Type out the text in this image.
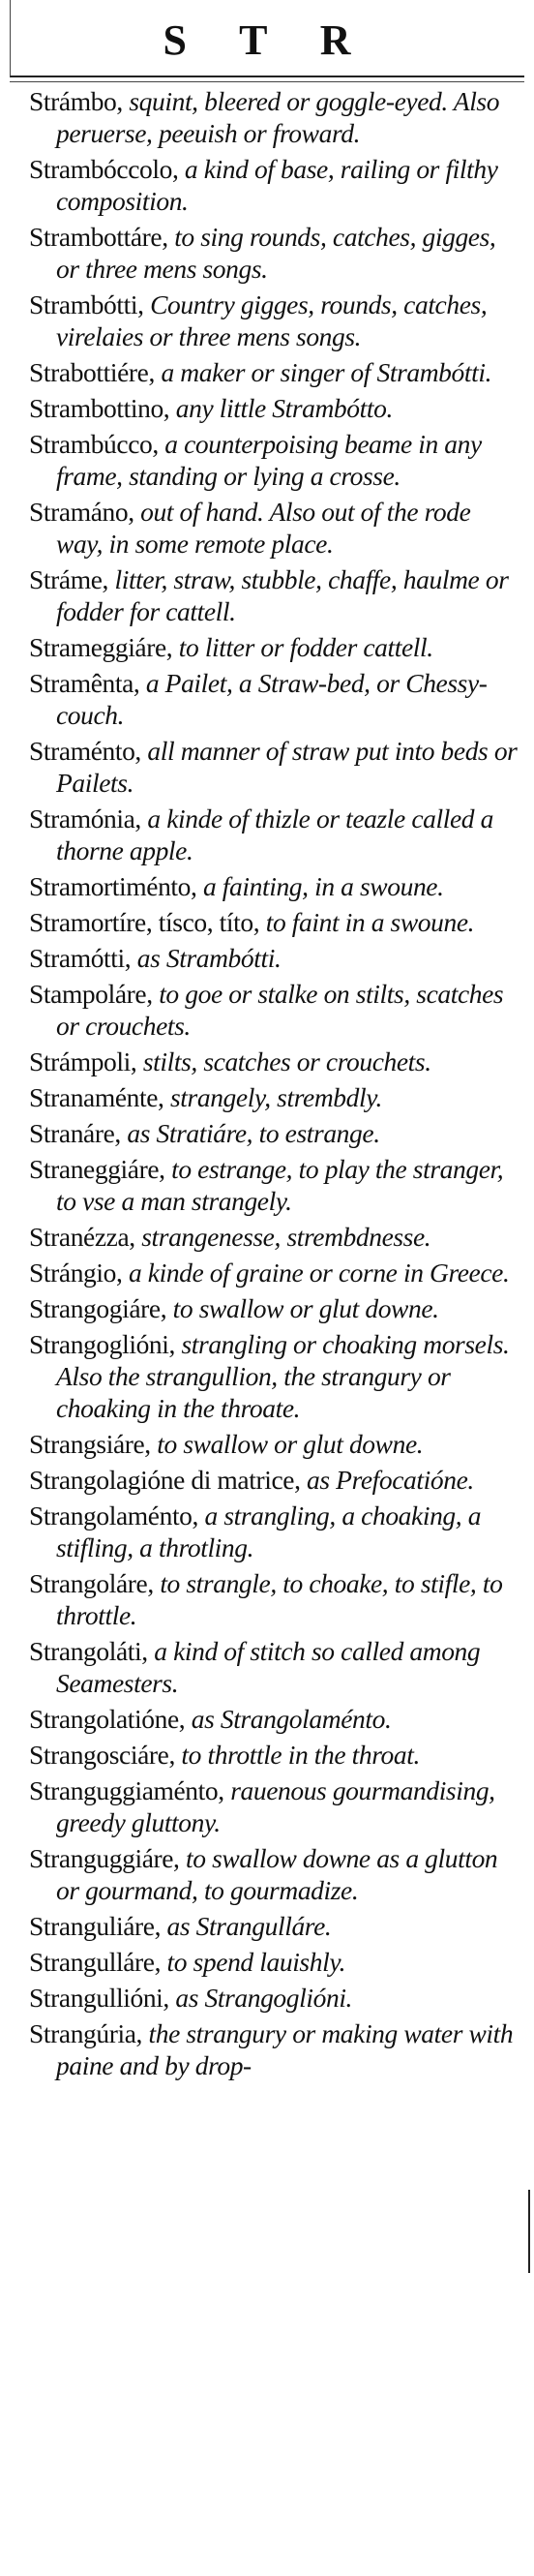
S T R
Strámbo, squint, bleered or goggle-eyed. Also peruerse, peeuish or froward.
Strambóccolo, a kind of base, railing or filthy composition.
Strambottáre, to sing rounds, catches, gigges, or three mens songs.
Strambótti, Country gigges, rounds, catches, virelaies or three mens songs.
Strabottiére, a maker or singer of Strambótti.
Strambottino, any little Strambótto.
Strambúcco, a counterpoising beame in any frame, standing or lying a crosse.
Stramáno, out of hand. Also out of the rode way, in some remote place.
Stráme, litter, straw, stubble, chaffe, haulme or fodder for cattell.
Strameggiáre, to litter or fodder cattell.
Stramênta, a Pailet, a Straw-bed, or Chessy-couch.
Straménto, all manner of straw put into beds or Pailets.
Stramónia, a kinde of thizle or teazle called a thorne apple.
Stramortiménto, a fainting, in a swoune.
Stramortíre, tísco, títo, to faint in a swoune.
Stramótti, as Strambótti.
Stampoláre, to goe or stalke on stilts, scatches or crouchets.
Strámpoli, stilts, scatches or crouchets.
Stranaménte, strangely, strembdly.
Stranáre, as Stratiáre, to estrange.
Straneggiáre, to estrange, to play the stranger, to vse a man strangely.
Stranézza, strangenesse, strembdnesse.
Strángio, a kinde of graine or corne in Greece.
Strangogiáre, to swallow or glut downe.
Strangoglióni, strangling or choaking morsels. Also the strangullion, the strangury or choaking in the throate.
Strangsiáre, to swallow or glut downe.
Strangolagióne di matrice, as Prefocatióne.
Strangolaménto, a strangling, a choaking, a stifling, a throtling.
Strangoláre, to strangle, to choake, to stifle, to throttle.
Strangoláti, a kind of stitch so called among Seamesters.
Strangolatióne, as Strangolaménto.
Strangosciáre, to throttle in the throat.
Stranguggiaménto, rauenous gourmandising, greedy gluttony.
Stranguggiáre, to swallow downe as a glutton or gourmand, to gourmadize.
Stranguliáre, as Strangulláre.
Strangulláre, to spend lauishly.
Strangullióni, as Strangoglióni.
Strangúria, the strangury or making water with paine and by drop-
